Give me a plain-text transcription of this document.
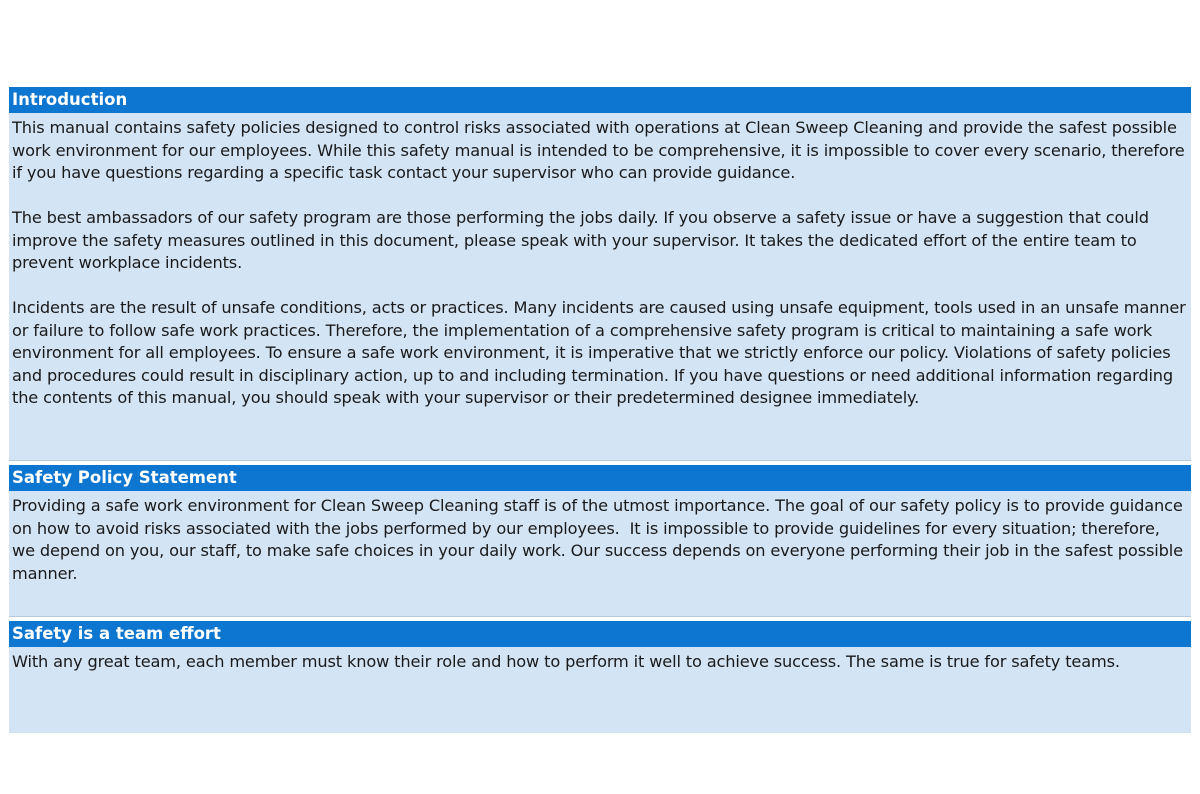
Introduction

This manual contains safety policies designed to control risks associated with operations at Clean Sweep Cleaning and provide the safest possible work environment for our employees. While this safety manual is intended to be comprehensive, it is impossible to cover every scenario, therefore if you have questions regarding a specific task contact your supervisor who can provide guidance.

The best ambassadors of our safety program are those performing the jobs daily. If you observe a safety issue or have a suggestion that could improve the safety measures outlined in this document, please speak with your supervisor. It takes the dedicated effort of the entire team to prevent workplace incidents.

Incidents are the result of unsafe conditions, acts or practices. Many incidents are caused using unsafe equipment, tools used in an unsafe manner or failure to follow safe work practices. Therefore, the implementation of a comprehensive safety program is critical to maintaining a safe work environment for all employees. To ensure a safe work environment, it is imperative that we strictly enforce our policy. Violations of safety policies and procedures could result in disciplinary action, up to and including termination. If you have questions or need additional information regarding the contents of this manual, you should speak with your supervisor or their predetermined designee immediately.

Safety Policy Statement

Providing a safe work environment for Clean Sweep Cleaning staff is of the utmost importance. The goal of our safety policy is to provide guidance on how to avoid risks associated with the jobs performed by our employees.  It is impossible to provide guidelines for every situation; therefore, we depend on you, our staff, to make safe choices in your daily work. Our success depends on everyone performing their job in the safest possible manner.

Safety is a team effort

With any great team, each member must know their role and how to perform it well to achieve success. The same is true for safety teams.
